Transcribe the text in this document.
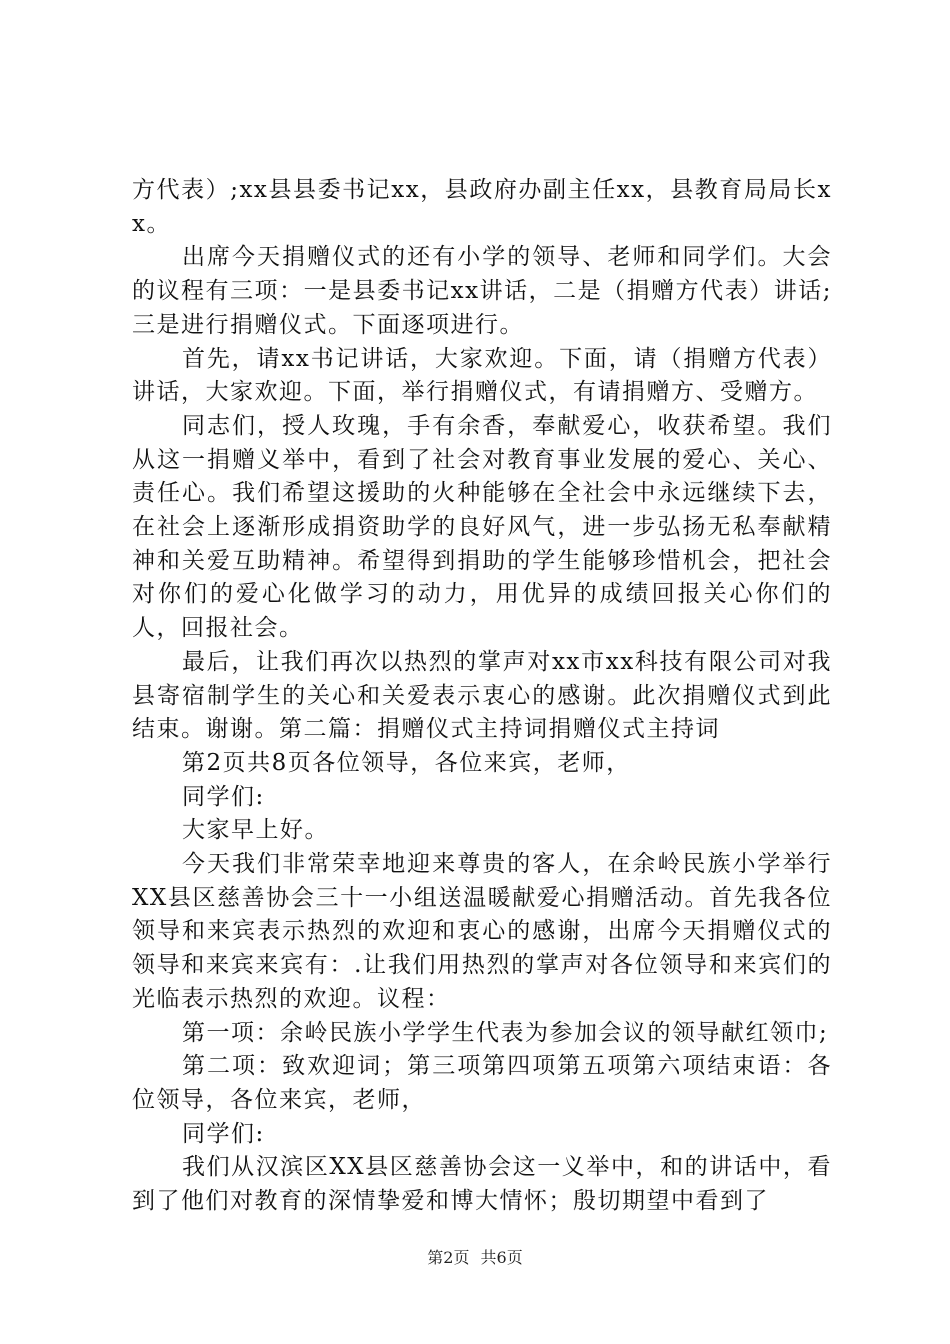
方代表）;xx县县委书记xx，县政府办副主任xx，县教育局局长xx。

出席今天捐赠仪式的还有小学的领导、老师和同学们。大会的议程有三项：一是县委书记xx讲话，二是（捐赠方代表）讲话;三是进行捐赠仪式。下面逐项进行。

首先，请xx书记讲话，大家欢迎。下面，请（捐赠方代表）讲话，大家欢迎。下面，举行捐赠仪式，有请捐赠方、受赠方。

同志们，授人玫瑰，手有余香，奉献爱心，收获希望。我们从这一捐赠义举中，看到了社会对教育事业发展的爱心、关心、责任心。我们希望这援助的火种能够在全社会中永远继续下去，在社会上逐渐形成捐资助学的良好风气，进一步弘扬无私奉献精神和关爱互助精神。希望得到捐助的学生能够珍惜机会，把社会对你们的爱心化做学习的动力，用优异的成绩回报关心你们的人，回报社会。

最后，让我们再次以热烈的掌声对xx市xx科技有限公司对我县寄宿制学生的关心和关爱表示衷心的感谢。此次捐赠仪式到此结束。谢谢。第二篇：捐赠仪式主持词捐赠仪式主持词

第2页共8页各位领导，各位来宾，老师，

同学们:

大家早上好。

今天我们非常荣幸地迎来尊贵的客人，在余岭民族小学举行XX县区慈善协会三十一小组送温暖献爱心捐赠活动。首先我各位领导和来宾表示热烈的欢迎和衷心的感谢，出席今天捐赠仪式的领导和来宾来宾有：.让我们用热烈的掌声对各位领导和来宾们的光临表示热烈的欢迎。议程：

第一项：余岭民族小学学生代表为参加会议的领导献红领巾;

第二项：致欢迎词；第三项第四项第五项第六项结束语：各位领导，各位来宾，老师，

同学们:

我们从汉滨区XX县区慈善协会这一义举中，和的讲话中，看到了他们对教育的深情挚爱和博大情怀；殷切期望中看到了

第2页 共6页
